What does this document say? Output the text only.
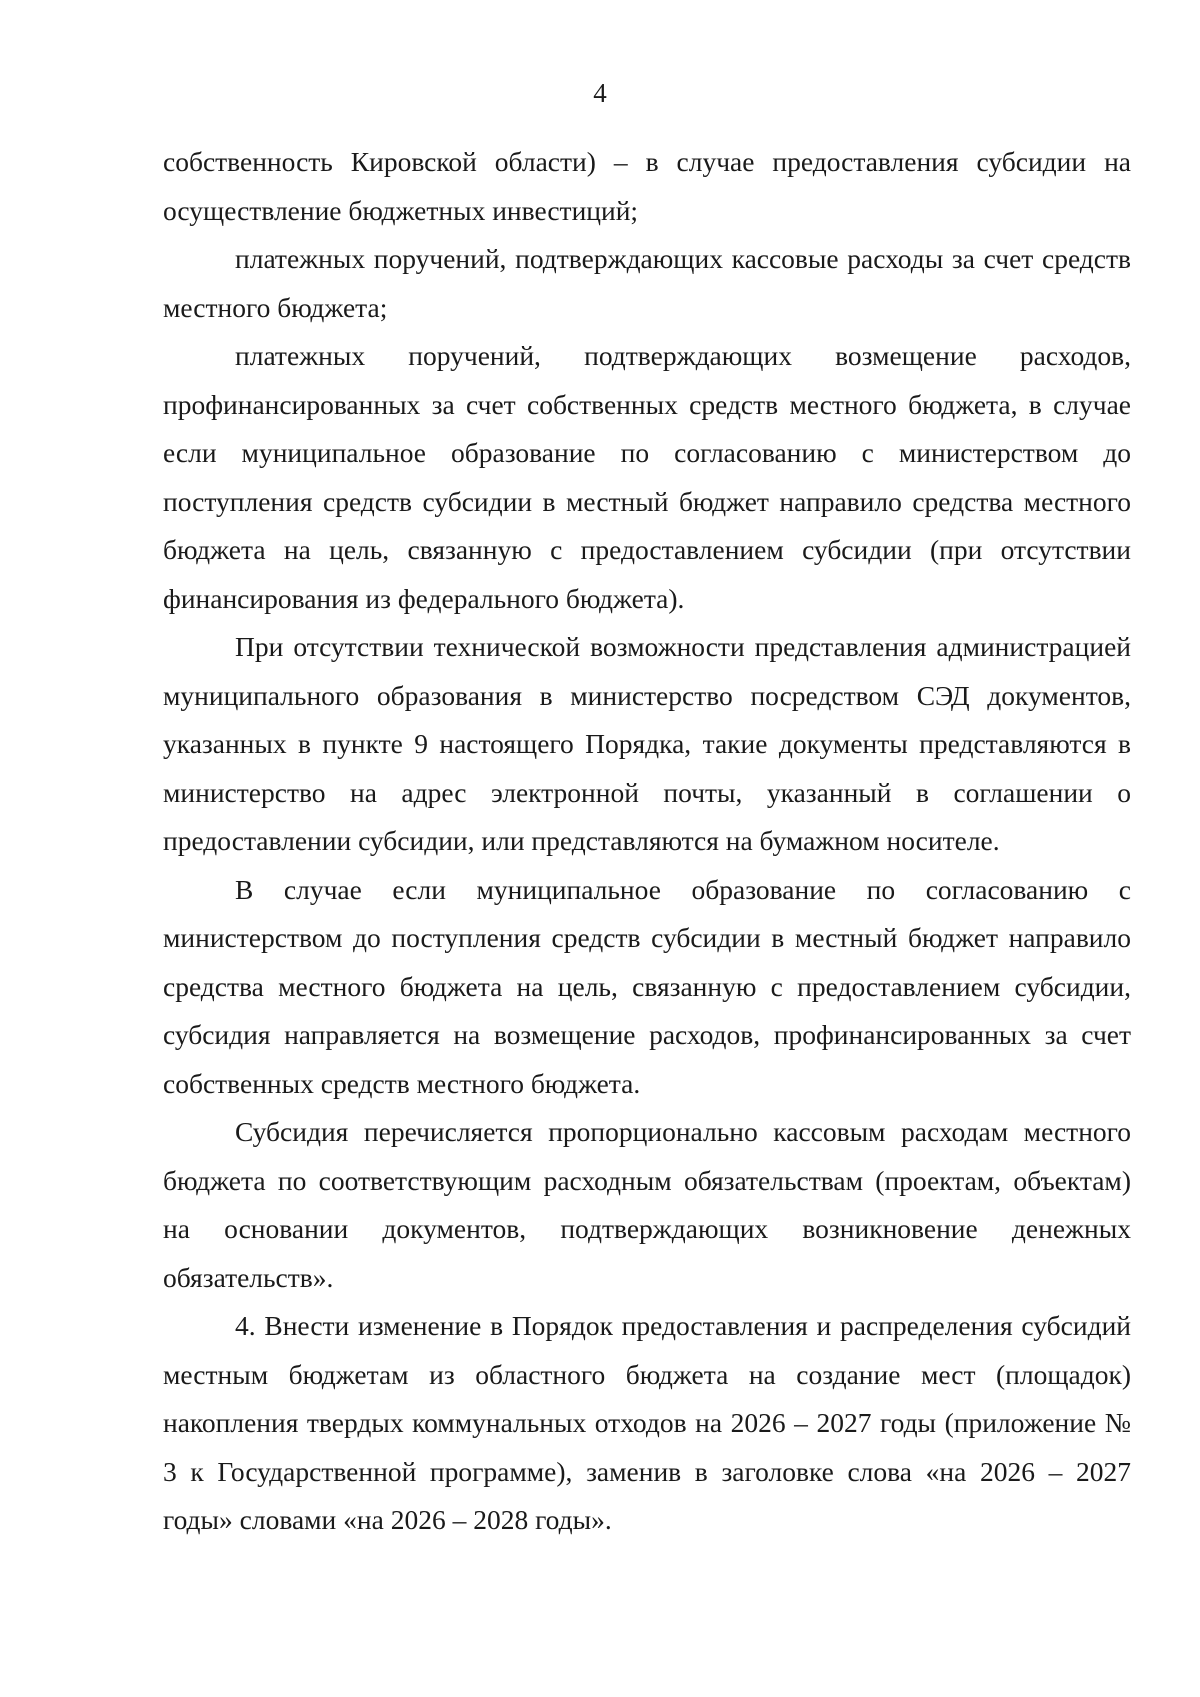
4

собственность Кировской области) – в случае предоставления субсидии на осуществление бюджетных инвестиций;

платежных поручений, подтверждающих кассовые расходы за счет средств местного бюджета;

платежных поручений, подтверждающих возмещение расходов, профинансированных за счет собственных средств местного бюджета, в случае если муниципальное образование по согласованию с министерством до поступления средств субсидии в местный бюджет направило средства местного бюджета на цель, связанную с предоставлением субсидии (при отсутствии финансирования из федерального бюджета).

При отсутствии технической возможности представления администрацией муниципального образования в министерство посредством СЭД документов, указанных в пункте 9 настоящего Порядка, такие документы представляются в министерство на адрес электронной почты, указанный в соглашении о предоставлении субсидии, или представляются на бумажном носителе.

В случае если муниципальное образование по согласованию с министерством до поступления средств субсидии в местный бюджет направило средства местного бюджета на цель, связанную с предоставлением субсидии, субсидия направляется на возмещение расходов, профинансированных за счет собственных средств местного бюджета.

Субсидия перечисляется пропорционально кассовым расходам местного бюджета по соответствующим расходным обязательствам (проектам, объектам) на основании документов, подтверждающих возникновение денежных обязательств».

4. Внести изменение в Порядок предоставления и распределения субсидий местным бюджетам из областного бюджета на создание мест (площадок) накопления твердых коммунальных отходов на 2026 – 2027 годы (приложение № 3 к Государственной программе), заменив в заголовке слова «на 2026 – 2027 годы» словами «на 2026 – 2028 годы».
